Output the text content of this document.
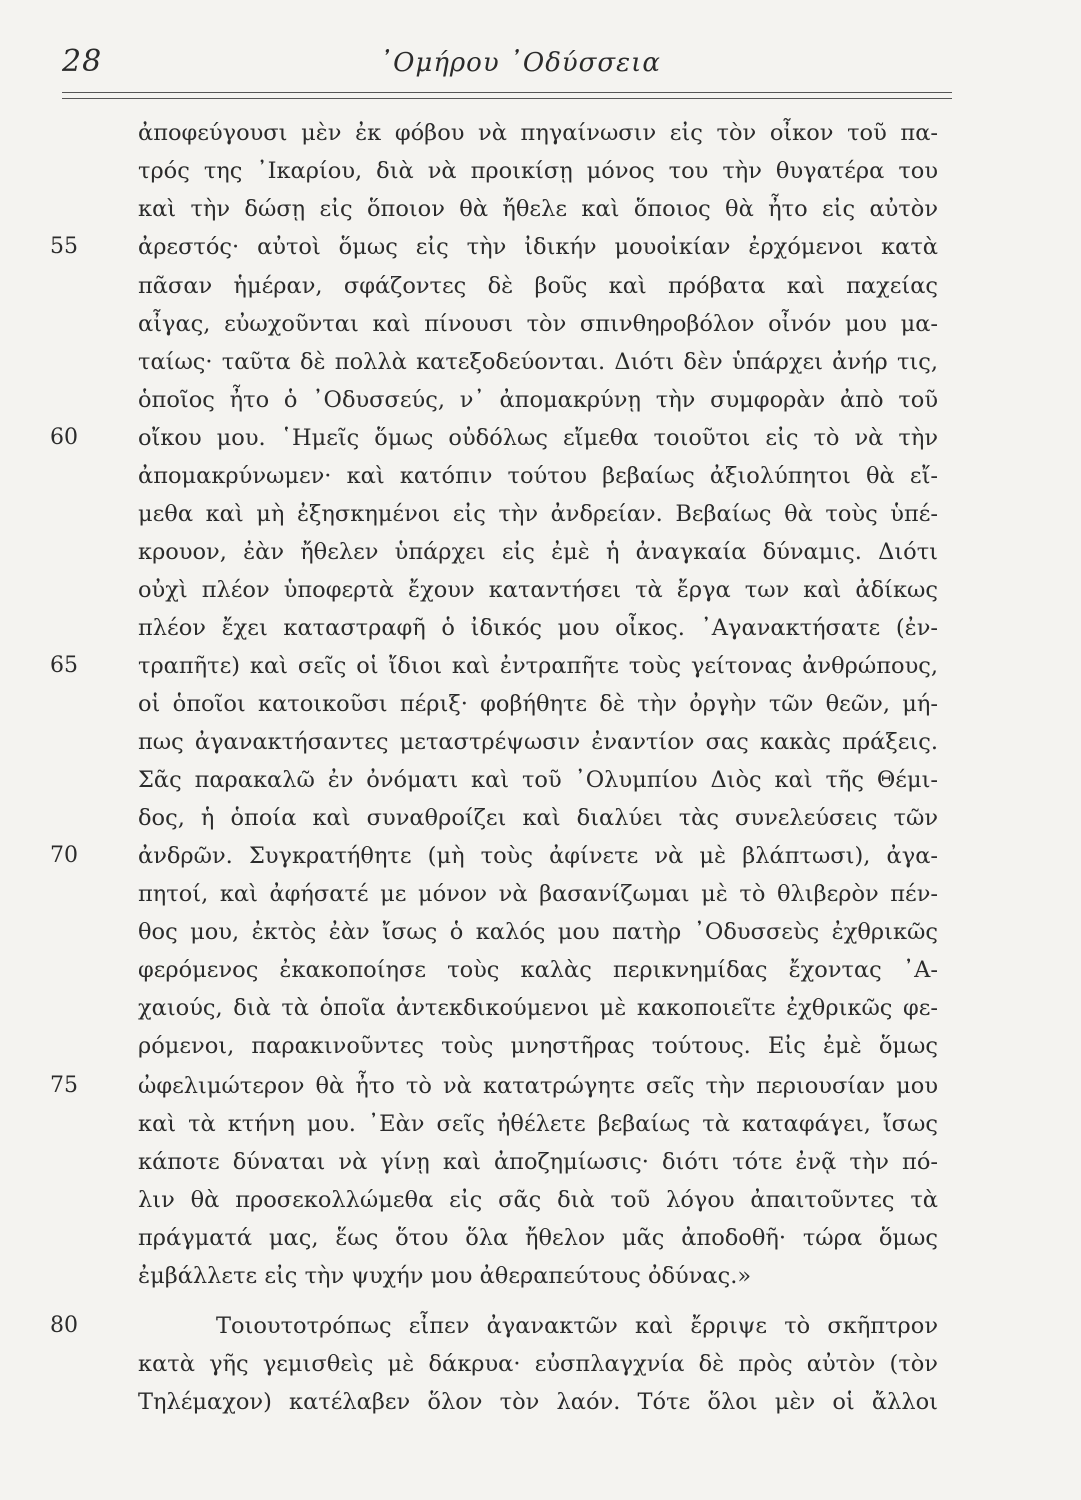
28	᾿Ομήρου ᾿Οδύσσεια
ἀποφεύγουσι μὲν ἐκ φόβου νὰ πηγαίνωσιν εἰς τὸν οἶκον τοῦ πα-
τρός της ᾿Ικαρίου, διὰ νὰ προικίσῃ μόνος του τὴν θυγατέρα του
καὶ τὴν δώσῃ εἰς ὅποιον θὰ ἤθελε καὶ ὅποιος θὰ ἦτο εἰς αὐτὸν
ἀρεστός· αὐτοὶ ὅμως εἰς τὴν ἰδικήν μουοἰκίαν ἐρχόμενοι κατὰ
πᾶσαν ἡμέραν, σφάζοντες δὲ βοῦς καὶ πρόβατα καὶ παχείας
αἶγας, εὐωχοῦνται καὶ πίνουσι τὸν σπινθηροβόλον οἶνόν μου μα-
ταίως· ταῦτα δὲ πολλὰ κατεξοδεύονται. Διότι δὲν ὑπάρχει ἀνήρ τις,
ὁποῖος ἦτο ὁ ᾿Οδυσσεύς, ν᾿ ἀπομακρύνῃ τὴν συμφορὰν ἀπὸ τοῦ
οἴκου μου. ῾Ημεῖς ὅμως οὐδόλως εἴμεθα τοιοῦτοι εἰς τὸ νὰ τὴν
ἀπομακρύνωμεν· καὶ κατόπιν τούτου βεβαίως ἀξιολύπητοι θὰ εἴ-
μεθα καὶ μὴ ἐξησκημένοι εἰς τὴν ἀνδρείαν. Βεβαίως θὰ τοὺς ὑπέ-
κρουον, ἐὰν ἤθελεν ὑπάρχει εἰς ἐμὲ ἡ ἀναγκαία δύναμις. Διότι
οὐχὶ πλέον ὑποφερτὰ ἔχουν καταντήσει τὰ ἔργα των καὶ ἀδίκως
πλέον ἔχει καταστραφῆ ὁ ἰδικός μου οἶκος. ᾿Αγανακτήσατε (ἐν-
τραπῆτε) καὶ σεῖς οἱ ἴδιοι καὶ ἐντραπῆτε τοὺς γείτονας ἀνθρώπους,
οἱ ὁποῖοι κατοικοῦσι πέριξ· φοβήθητε δὲ τὴν ὀργὴν τῶν θεῶν, μή-
πως ἀγανακτήσαντες μεταστρέψωσιν ἐναντίον σας κακὰς πράξεις.
Σᾶς παρακαλῶ ἐν ὀνόματι καὶ τοῦ ᾿Ολυμπίου Διὸς καὶ τῆς Θέμι-
δος, ἡ ὁποία καὶ συναθροίζει καὶ διαλύει τὰς συνελεύσεις τῶν
ἀνδρῶν. Συγκρατήθητε (μὴ τοὺς ἀφίνετε νὰ μὲ βλάπτωσι), ἀγα-
πητοί, καὶ ἀφήσατέ με μόνον νὰ βασανίζωμαι μὲ τὸ θλιβερὸν πέν-
θος μου, ἐκτὸς ἐὰν ἴσως ὁ καλός μου πατὴρ ᾿Οδυσσεὺς ἐχθρικῶς
φερόμενος ἐκακοποίησε τοὺς καλὰς περικνημίδας ἔχοντας ᾿Α-
χαιούς, διὰ τὰ ὁποῖα ἀντεκδικούμενοι μὲ κακοποιεῖτε ἐχθρικῶς φε-
ρόμενοι, παρακινοῦντες τοὺς μνηστῆρας τούτους. Εἰς ἐμὲ ὅμως
ὠφελιμώτερον θὰ ἦτο τὸ νὰ κατατρώγητε σεῖς τὴν περιουσίαν μου
καὶ τὰ κτήνη μου. ᾿Εὰν σεῖς ἠθέλετε βεβαίως τὰ καταφάγει, ἴσως
κάποτε δύναται νὰ γίνῃ καὶ ἀποζημίωσις· διότι τότε ἐνᾷ τὴν πό-
λιν θὰ προσεκολλώμεθα εἰς σᾶς διὰ τοῦ λόγου ἀπαιτοῦντες τὰ
πράγματά μας, ἕως ὅτου ὅλα ἤθελον μᾶς ἀποδοθῆ· τώρα ὅμως
ἐμβάλλετε εἰς τὴν ψυχήν μου ἀθεραπεύτους ὀδύνας.»
Τοιουτοτρόπως εἶπεν ἀγανακτῶν καὶ ἔρριψε τὸ σκῆπτρον
κατὰ γῆς γεμισθεὶς μὲ δάκρυα· εὐσπλαγχνία δὲ πρὸς αὐτὸν (τὸν
Τηλέμαχον) κατέλαβεν ὅλον τὸν λαόν. Τότε ὅλοι μὲν οἱ ἄλλοι
55
60
65
70
75
80
